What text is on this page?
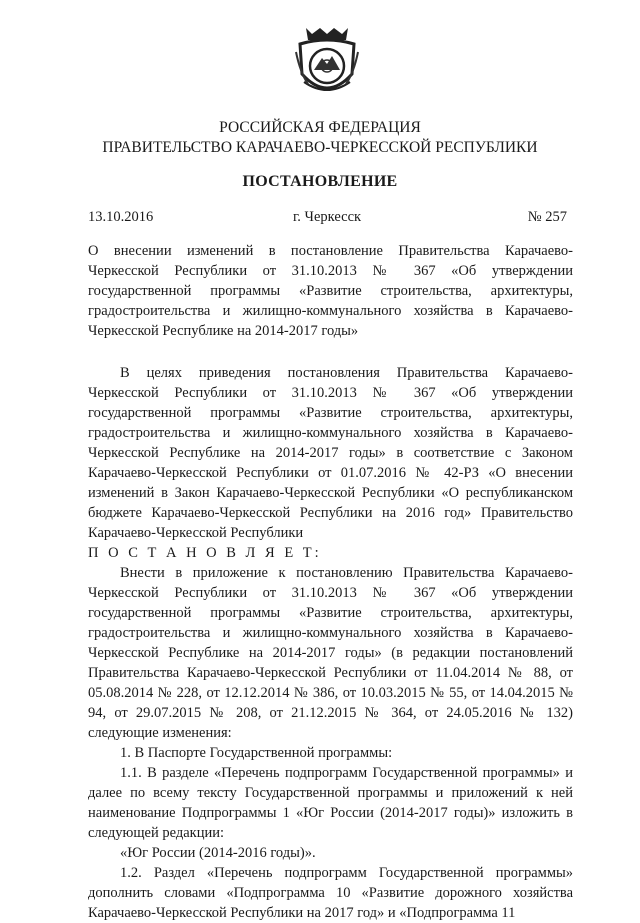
РОССИЙСКАЯ ФЕДЕРАЦИЯ
ПРАВИТЕЛЬСТВО КАРАЧАЕВО-ЧЕРКЕССКОЙ РЕСПУБЛИКИ
ПОСТАНОВЛЕНИЕ
13.10.2016	г. Черкесск	№ 257
О внесении изменений в постановление Правительства Карачаево-Черкесской Республики от 31.10.2013 № 367 «Об утверждении государственной программы «Развитие строительства, архитектуры, градостроительства и жилищно-коммунального хозяйства в Карачаево-Черкесской Республике на 2014-2017 годы»

В целях приведения постановления Правительства Карачаево-Черкесской Республики от 31.10.2013 № 367 «Об утверждении государственной программы «Развитие строительства, архитектуры, градостроительства и жилищно-коммунального хозяйства в Карачаево-Черкесской Республике на 2014-2017 годы» в соответствие с Законом Карачаево-Черкесской Республики от 01.07.2016 № 42-РЗ «О внесении изменений в Закон Карачаево-Черкесской Республики «О республиканском бюджете Карачаево-Черкесской Республики на 2016 год» Правительство Карачаево-Черкесской Республики

П О С Т А Н О В Л Я Е Т:

Внести в приложение к постановлению Правительства Карачаево-Черкесской Республики от 31.10.2013 № 367 «Об утверждении государственной программы «Развитие строительства, архитектуры, градостроительства и жилищно-коммунального хозяйства в Карачаево-Черкесской Республике на 2014-2017 годы» (в редакции постановлений Правительства Карачаево-Черкесской Республики от 11.04.2014 № 88, от 05.08.2014 № 228, от 12.12.2014 № 386, от 10.03.2015 № 55, от 14.04.2015 № 94, от 29.07.2015 № 208, от 21.12.2015 № 364, от 24.05.2016 № 132) следующие изменения:

1. В Паспорте Государственной программы:

1.1. В разделе «Перечень подпрограмм Государственной программы» и далее по всему тексту Государственной программы и приложений к ней наименование Подпрограммы 1 «Юг России (2014-2017 годы)» изложить в следующей редакции:

«Юг России (2014-2016 годы)».

1.2. Раздел «Перечень подпрограмм Государственной программы» дополнить словами «Подпрограмма 10 «Развитие дорожного хозяйства Карачаево-Черкесской Республики на 2017 год» и «Подпрограмма 11
